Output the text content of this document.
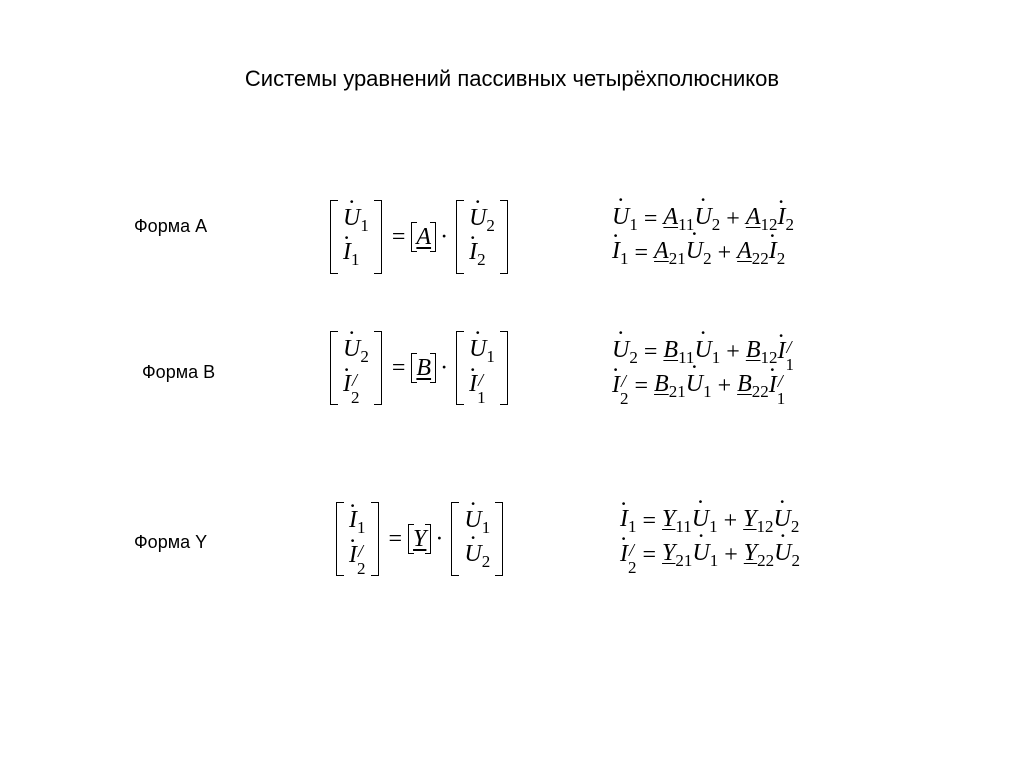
Системы уравнений пассивных четырёхполюсников
Форма A	˙ $U_1$
˙ $I_1$
= A ·
˙ $U_2$
˙ $I_2$
˙ $U_1 = A_{11}$ ˙ $U_2 + A_{12}$ ˙ $I_2$
˙ $I_1 = A_{21}$ ˙ $U_2 + A_{22}$ ˙ $I_2$
Форма B
˙ $U_2$
˙ I /
2
= B ·
˙ $U_1$
˙ I /
1
˙ $U_2 = B_{11}$ ˙ $U_1 + B_{12}$ ˙ I /
1
˙ I /
$2 = B_{21}$ ˙ $U_1 + B_{22}$ ˙ I /
1
Форма Y
˙ $I_1$
˙ I /
2
= Y ·
˙ $U_1$
˙ $U_2$
˙ $I_1 = Y_{11}$ ˙ $U_1 + Y_{12}$ ˙ $U_2$
˙ I /
$2 = Y_{21}$ ˙ $U_1 + Y_{22}$ ˙ $U_2$
